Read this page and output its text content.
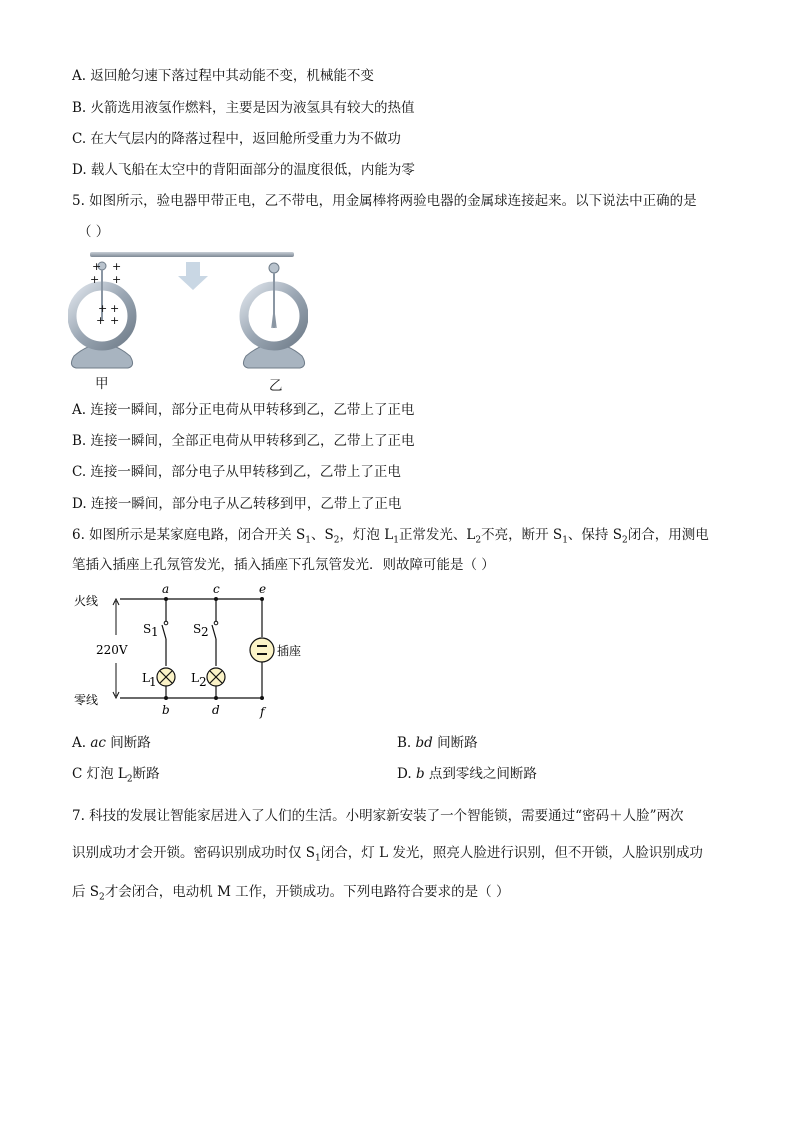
A. 返回舱匀速下落过程中其动能不变，机械能不变
B. 火箭选用液氢作燃料，主要是因为液氢具有较大的热值
C. 在大气层内的降落过程中，返回舱所受重力为不做功
D. 载人飞船在太空中的背阳面部分的温度很低，内能为零
5. 如图所示，验电器甲带正电，乙不带电，用金属棒将两验电器的金属球连接起来。以下说法中正确的是
（ ）
+ +
+ +
+ +
+ +
甲	乙
A. 连接一瞬间，部分正电荷从甲转移到乙，乙带上了正电
B. 连接一瞬间，全部正电荷从甲转移到乙，乙带上了正电
C. 连接一瞬间，部分电子从甲转移到乙，乙带上了正电
D. 连接一瞬间，部分电子从乙转移到甲，乙带上了正电
6. 如图所示是某家庭电路，闭合开关 $S_1$、$S_2$，灯泡 $L_1$正常发光、$L_2$不亮，断开 $S_1$、保持 $S_2$闭合，用测电
笔插入插座上孔氖管发光，插入插座下孔氖管发光．则故障可能是（ ）
火线
零线
220V	插座
a	c	e
b	d	f
S 1	S 2
L 1	L 2
A. ac 间断路	B. bd 间断路
C 灯泡 $L_2$断路	D. b 点到零线之间断路
7. 科技的发展让智能家居进入了人们的生活。小明家新安装了一个智能锁，需要通过“密码＋人脸”两次
识别成功才会开锁。密码识别成功时仅 $S_1$闭合，灯 L 发光，照亮人脸进行识别，但不开锁，人脸识别成功
后 $S_2$才会闭合，电动机 M 工作，开锁成功。下列电路符合要求的是（ ）
